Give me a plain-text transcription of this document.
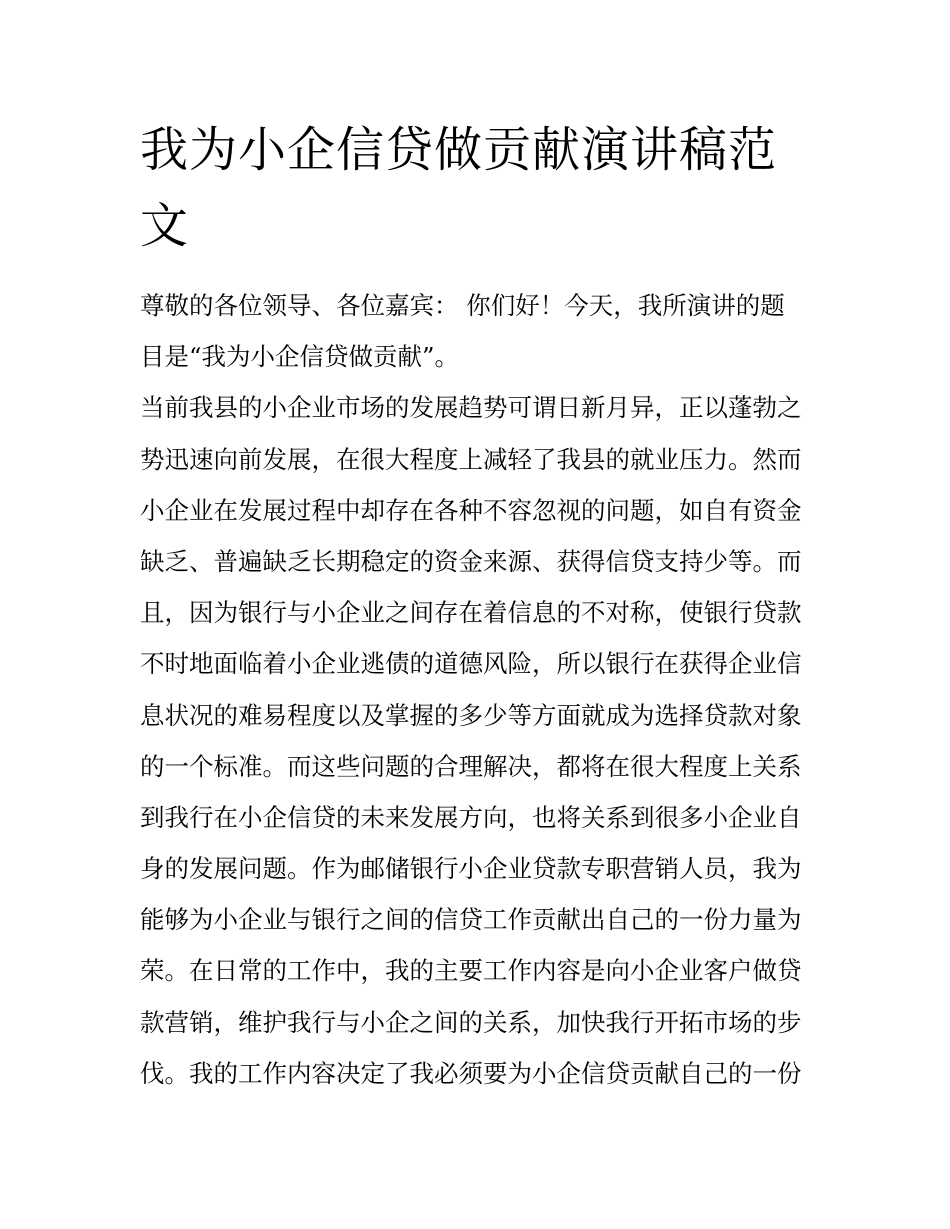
我为小企信贷做贡献演讲稿范文
尊敬的各位领导、各位嘉宾： 你们好！今天，我所演讲的题
目是“我为小企信贷做贡献”。
当前我县的小企业市场的发展趋势可谓日新月异，正以蓬勃之
势迅速向前发展，在很大程度上减轻了我县的就业压力。然而
小企业在发展过程中却存在各种不容忽视的问题，如自有资金
缺乏、普遍缺乏长期稳定的资金来源、获得信贷支持少等。而
且，因为银行与小企业之间存在着信息的不对称，使银行贷款
不时地面临着小企业逃债的道德风险，所以银行在获得企业信
息状况的难易程度以及掌握的多少等方面就成为选择贷款对象
的一个标准。而这些问题的合理解决，都将在很大程度上关系
到我行在小企信贷的未来发展方向，也将关系到很多小企业自
身的发展问题。作为邮储银行小企业贷款专职营销人员，我为
能够为小企业与银行之间的信贷工作贡献出自己的一份力量为
荣。在日常的工作中，我的主要工作内容是向小企业客户做贷
款营销，维护我行与小企之间的关系，加快我行开拓市场的步
伐。我的工作内容决定了我必须要为小企信贷贡献自己的一份
